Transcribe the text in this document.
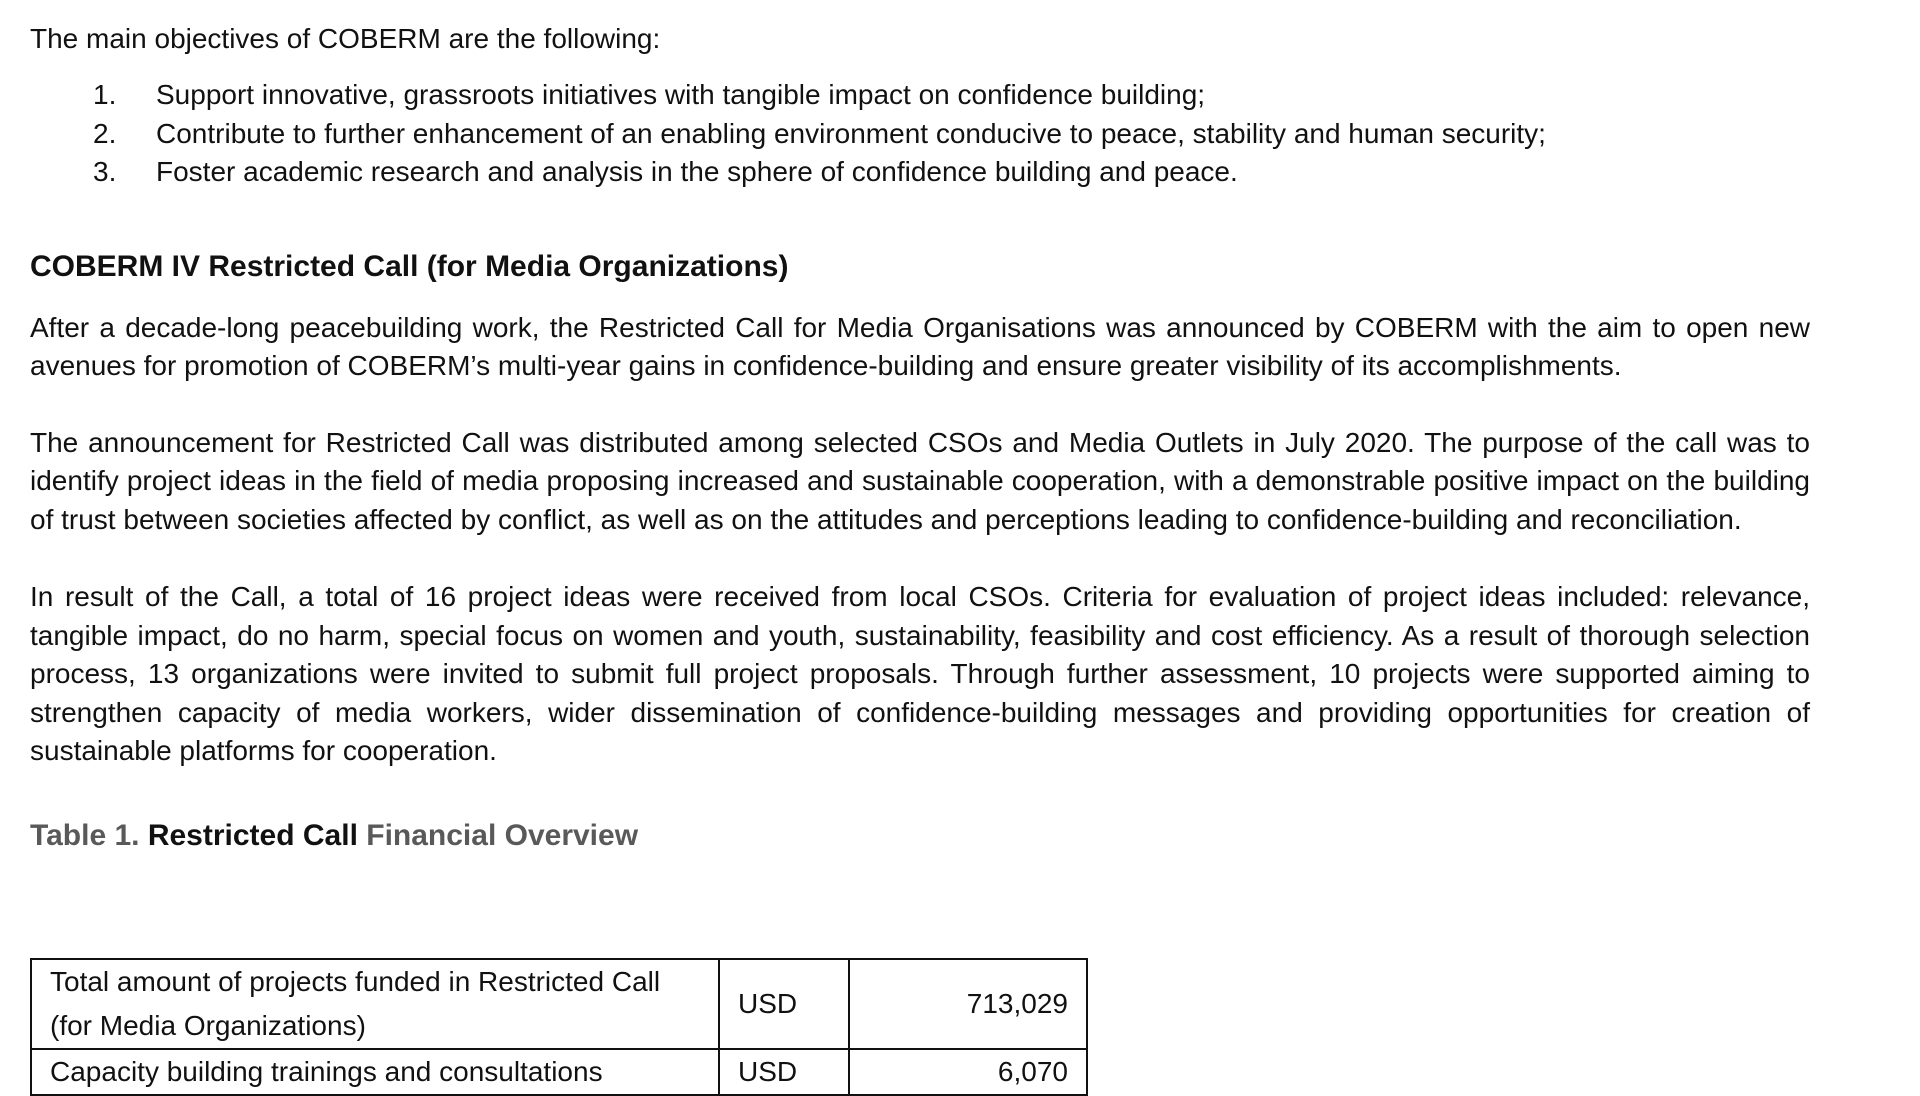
The main objectives of COBERM are the following:

1.	Support innovative, grassroots initiatives with tangible impact on confidence building;
2.	Contribute to further enhancement of an enabling environment conducive to peace, stability and human security;
3.	Foster academic research and analysis in the sphere of confidence building and peace.
COBERM IV Restricted Call (for Media Organizations)

After a decade-long peacebuilding work, the Restricted Call for Media Organisations was announced by COBERM with the aim to open new avenues for promotion of COBERM’s multi-year gains in confidence-building and ensure greater visibility of its accomplishments.

The announcement for Restricted Call was distributed among selected CSOs and Media Outlets in July 2020. The purpose of the call was to identify project ideas in the field of media proposing increased and sustainable cooperation, with a demonstrable positive impact on the building of trust between societies affected by conflict, as well as on the attitudes and perceptions leading to confidence-building and reconciliation.

In result of the Call, a total of 16 project ideas were received from local CSOs. Criteria for evaluation of project ideas included: relevance, tangible impact, do no harm, special focus on women and youth, sustainability, feasibility and cost efficiency. As a result of thorough selection process, 13 organizations were invited to submit full project proposals. Through further assessment, 10 projects were supported aiming to strengthen capacity of media workers, wider dissemination of confidence-building messages and providing opportunities for creation of sustainable platforms for cooperation.

Table 1. Restricted Call Financial Overview
Total amount of projects funded in Restricted Call
(for Media Organizations)	USD	713,029
Capacity building trainings and consultations	USD	6,070
